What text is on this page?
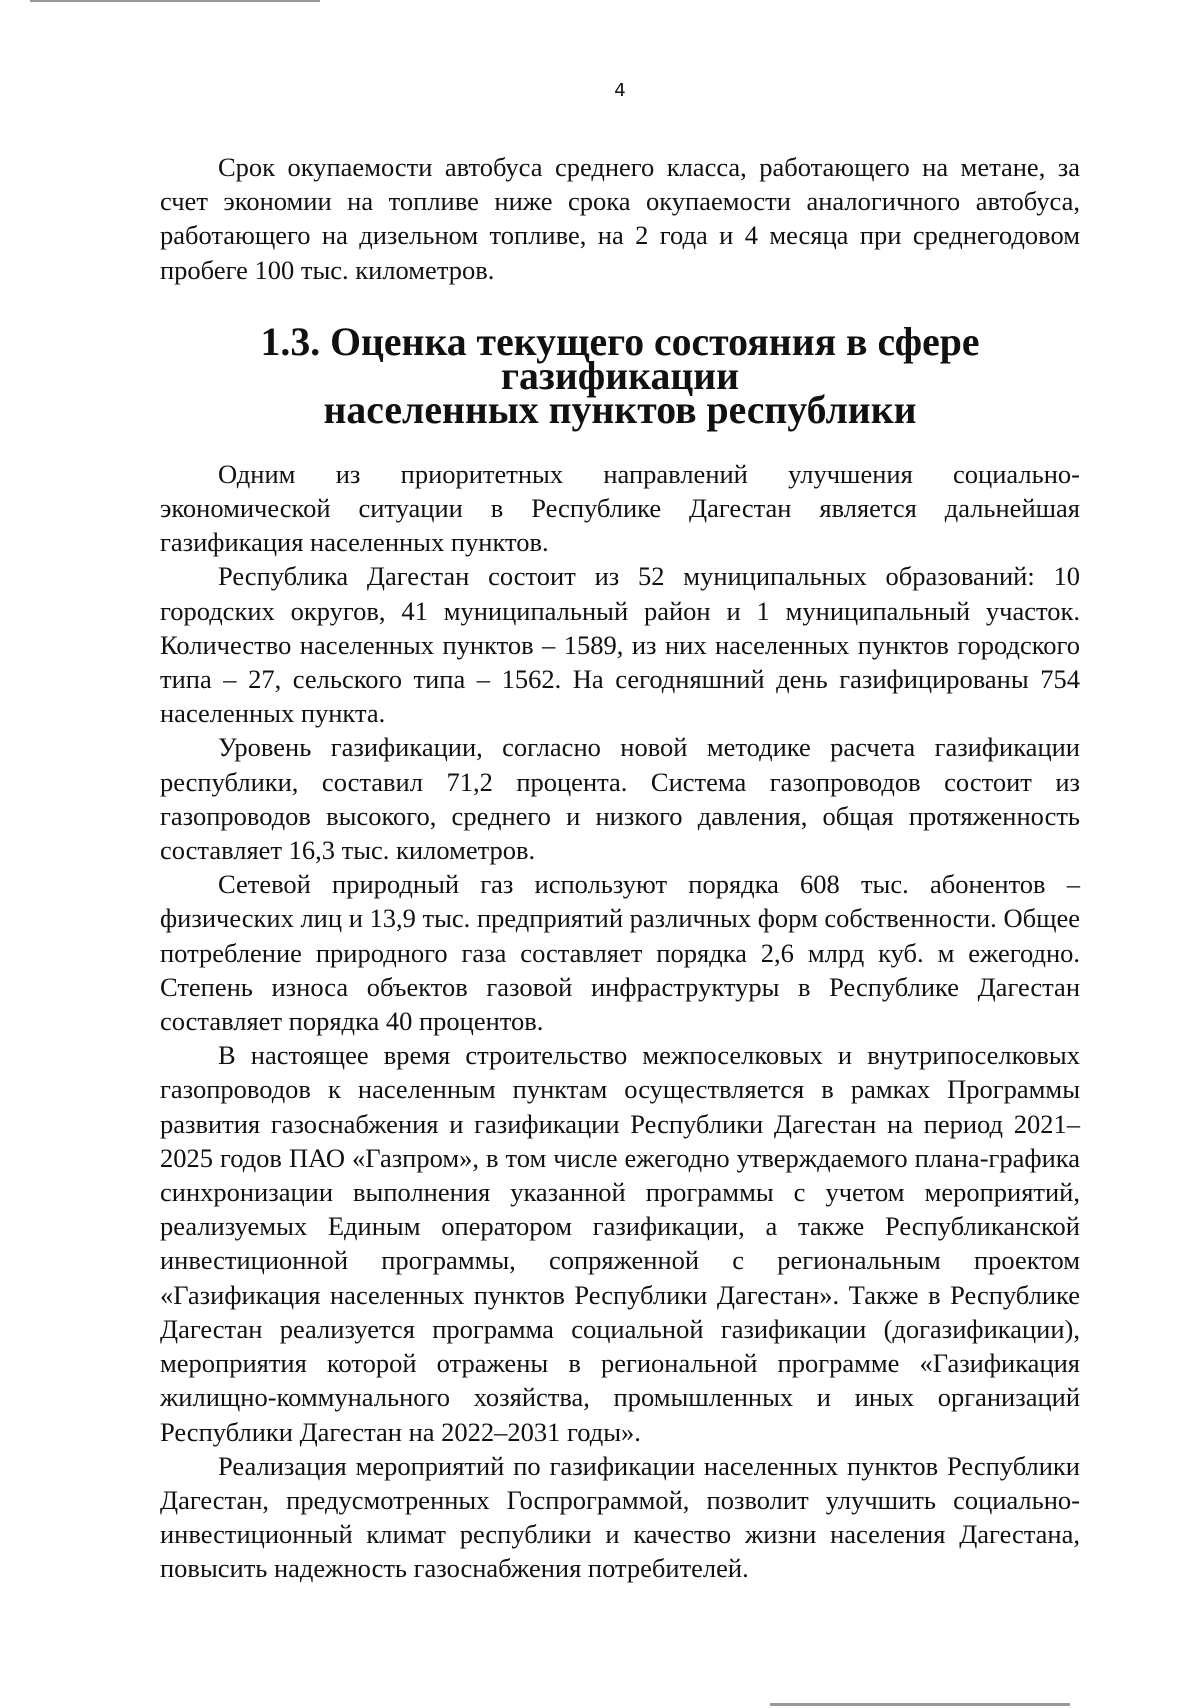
4

Срок окупаемости автобуса среднего класса, работающего на метане, за счет экономии на топливе ниже срока окупаемости аналогичного автобуса, работающего на дизельном топливе, на 2 года и 4 месяца при среднегодовом пробеге 100 тыс. километров.

1.3. Оценка текущего состояния в сфере газификации
населенных пунктов республики

Одним из приоритетных направлений улучшения социально-экономической ситуации в Республике Дагестан является дальнейшая газификация населенных пунктов.

Республика Дагестан состоит из 52 муниципальных образований: 10 городских округов, 41 муниципальный район и 1 муниципальный участок. Количество населенных пунктов – 1589, из них населенных пунктов городского типа – 27, сельского типа – 1562. На сегодняшний день газифицированы 754 населенных пункта.

Уровень газификации, согласно новой методике расчета газификации республики, составил 71,2 процента. Система газопроводов состоит из газопроводов высокого, среднего и низкого давления, общая протяженность составляет 16,3 тыс. километров.

Сетевой природный газ используют порядка 608 тыс. абонентов – физических лиц и 13,9 тыс. предприятий различных форм собственности. Общее потребление природного газа составляет порядка 2,6 млрд куб. м ежегодно. Степень износа объектов газовой инфраструктуры в Республике Дагестан составляет порядка 40 процентов.

В настоящее время строительство межпоселковых и внутрипоселковых газопроводов к населенным пунктам осуществляется в рамках Программы развития газоснабжения и газификации Республики Дагестан на период 2021–2025 годов ПАО «Газпром», в том числе ежегодно утверждаемого плана-графика синхронизации выполнения указанной программы с учетом мероприятий, реализуемых Единым оператором газификации, а также Республиканской инвестиционной программы, сопряженной с региональным проектом «Газификация населенных пунктов Республики Дагестан». Также в Республике Дагестан реализуется программа социальной газификации (догазификации), мероприятия которой отражены в региональной программе «Газификация жилищно-коммунального хозяйства, промышленных и иных организаций Республики Дагестан на 2022–2031 годы».

Реализация мероприятий по газификации населенных пунктов Республики Дагестан, предусмотренных Госпрограммой, позволит улучшить социально-инвестиционный климат республики и качество жизни населения Дагестана, повысить надежность газоснабжения потребителей.
